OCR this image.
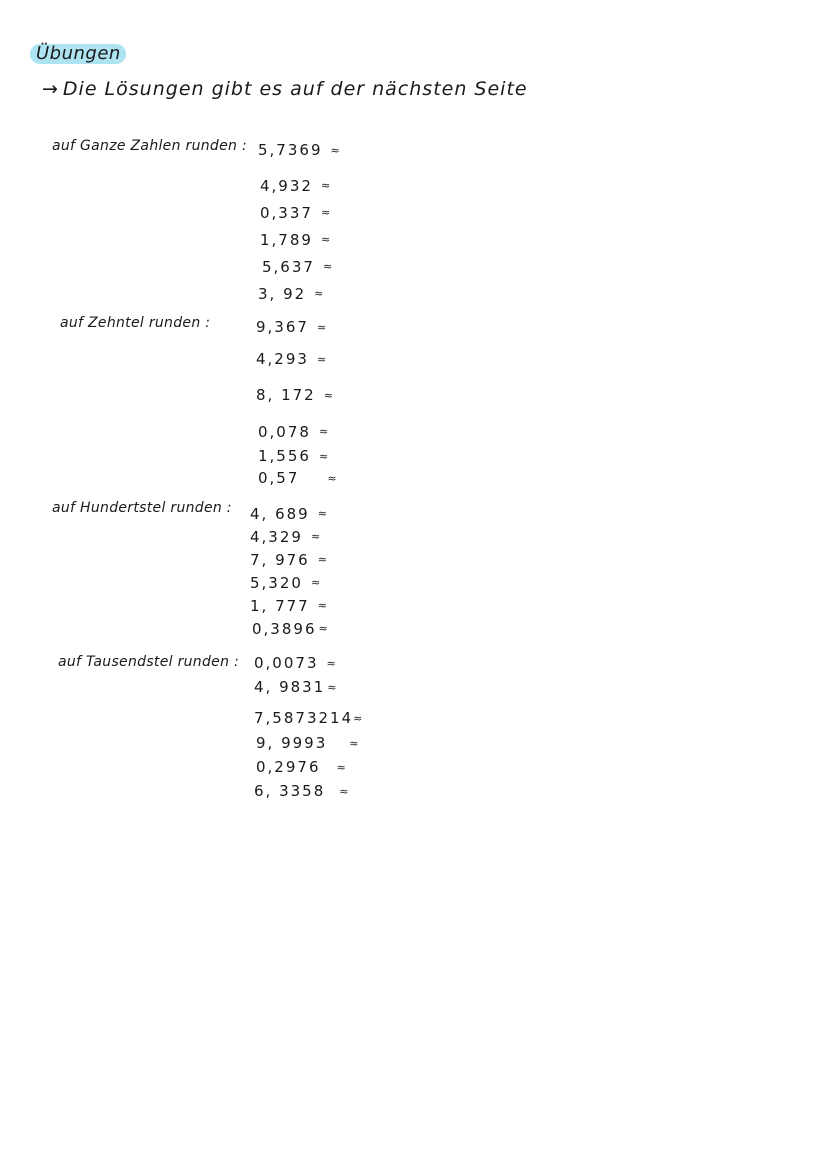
Übungen
→ Die Lösungen gibt es auf der nächsten Seite
auf Ganze Zahlen runden : 5,7369 ≈
4,932 ≈
0,337 ≈
1,789 ≈
5,637 ≈
3, 92 ≈
auf Zehntel runden :	9,367 ≈
4,293 ≈
8, 172 ≈
0,078 ≈
1,556 ≈
0,57	≈
auf Hundertstel runden : 4, 689 ≈
4,329 ≈
7, 976 ≈
5,320 ≈
1, 777 ≈
0,3896 ≈
auf Tausendstel runden : 0,0073 ≈
4, 9831 ≈
7,5873214 ≈
9, 9993 ≈
0,2976 ≈
6, 3358 ≈
